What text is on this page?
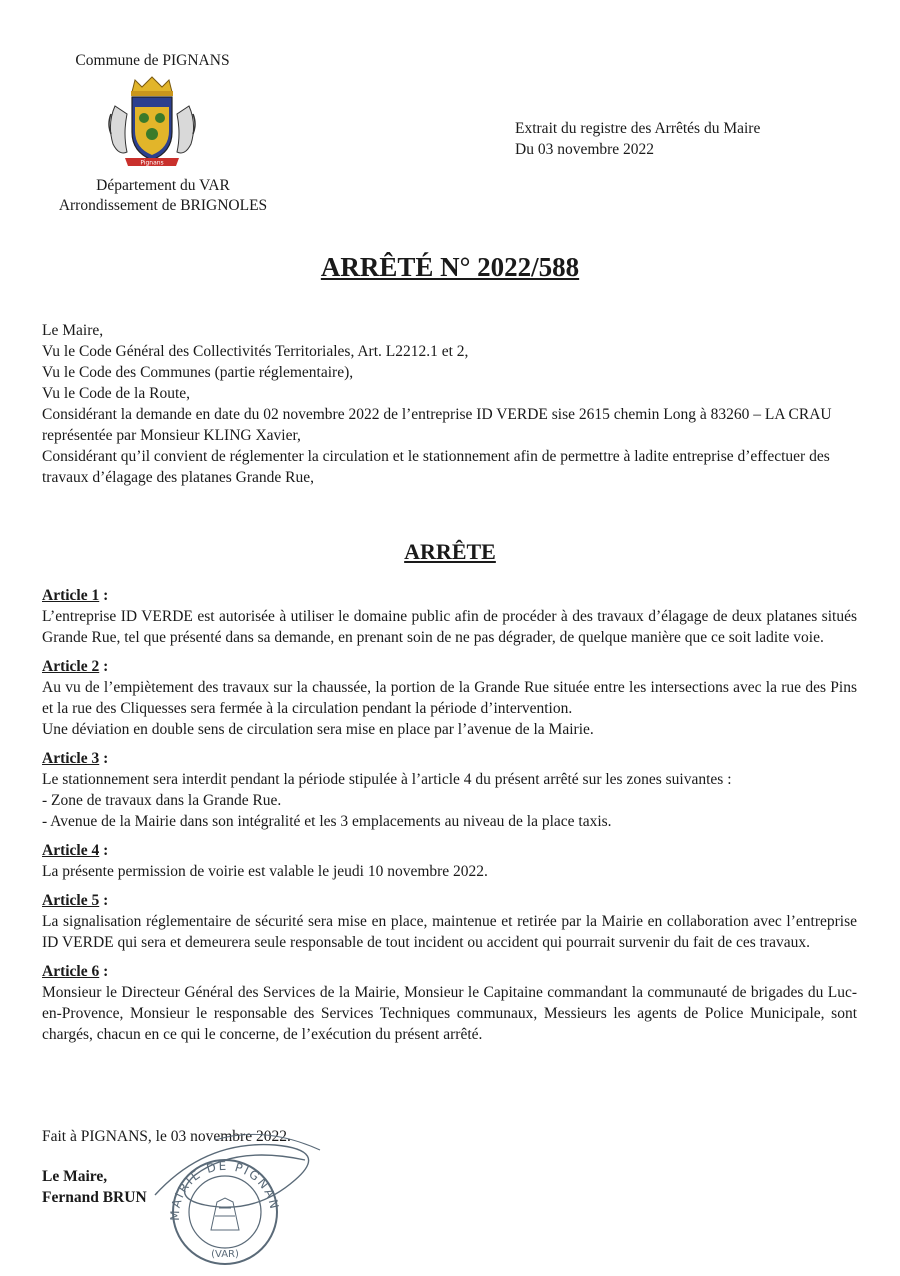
Commune de PIGNANS
Pignans
Département du VAR
Arrondissement de BRIGNOLES
Extrait du registre des Arrêtés du Maire
Du 03 novembre 2022
ARRÊTÉ N° 2022/588
Le Maire,
Vu le Code Général des Collectivités Territoriales, Art. L2212.1 et 2,
Vu le Code des Communes (partie réglementaire),
Vu le Code de la Route,
Considérant la demande en date du 02 novembre 2022 de l’entreprise ID VERDE sise 2615 chemin Long à 83260 – LA CRAU représentée par Monsieur KLING Xavier,
Considérant qu’il convient de réglementer la circulation et le stationnement afin de permettre à ladite entreprise d’effectuer des travaux d’élagage des platanes Grande Rue,
ARRÊTE
Article 1 :
L’entreprise ID VERDE est autorisée à utiliser le domaine public afin de procéder à des travaux d’élagage de deux platanes situés Grande Rue, tel que présenté dans sa demande, en prenant soin de ne pas dégrader, de quelque manière que ce soit ladite voie.
Article 2 :
Au vu de l’empiètement des travaux sur la chaussée, la portion de la Grande Rue située entre les intersections avec la rue des Pins et la rue des Cliquesses sera fermée à la circulation pendant la période d’intervention.
Une déviation en double sens de circulation sera mise en place par l’avenue de la Mairie.
Article 3 :
Le stationnement sera interdit pendant la période stipulée à l’article 4 du présent arrêté sur les zones suivantes :
- Zone de travaux dans la Grande Rue.
- Avenue de la Mairie dans son intégralité et les 3 emplacements au niveau de la place taxis.
Article 4 :
La présente permission de voirie est valable le jeudi 10 novembre 2022.
Article 5 :
La signalisation réglementaire de sécurité sera mise en place, maintenue et retirée par la Mairie en collaboration avec l’entreprise ID VERDE qui sera et demeurera seule responsable de tout incident ou accident qui pourrait survenir du fait de ces travaux.
Article 6 :
Monsieur le Directeur Général des Services de la Mairie, Monsieur le Capitaine commandant la communauté de brigades du Luc-en-Provence, Monsieur le responsable des Services Techniques communaux, Messieurs les agents de Police Municipale, sont chargés, chacun en ce qui le concerne, de l’exécution du présent arrêté.
Fait à PIGNANS, le 03 novembre 2022.
Le Maire,
Fernand BRUN
MAIRIE DE PIGNAN
(VAR)
